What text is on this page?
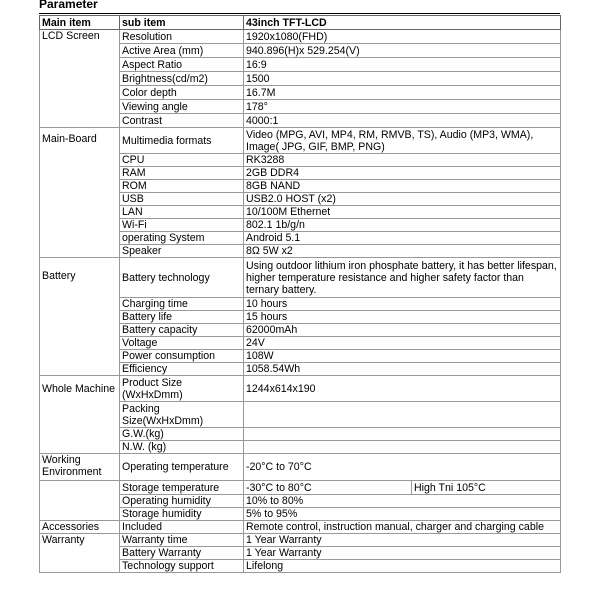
Parameter
Main item	sub item	43inch TFT-LCD	
LCD Screen	Resolution	1920x1080(FHD)	
	Active Area (mm)	940.896(H)x 529.254(V)	
	Aspect Ratio	16:9	
	Brightness(cd/m2)	1500	
	Color depth	16.7M	
	Viewing angle	178°	
	Contrast	4000:1	
Main-Board	Multimedia formats	Video (MPG, AVI, MP4, RM, RMVB, TS), Audio (MP3, WMA), Image( JPG, GIF, BMP, PNG)	
	CPU	RK3288	
	RAM	2GB DDR4	
	ROM	8GB NAND	
	USB	USB2.0 HOST (x2)	
	LAN	10/100M Ethernet	
	Wi-Fi	802.1 1b/g/n	
	operating System	Android 5.1	
	Speaker	8Ω 5W x2	
Battery	Battery technology	Using outdoor lithium iron phosphate battery, it has better lifespan, higher temperature resistance and higher safety factor than ternary battery.	
	Charging time	10 hours	
	Battery life	15 hours	
	Battery capacity	62000mAh	
	Voltage	24V	
	Power consumption	108W	
	Efficiency	1058.54Wh	
Whole Machine	Product Size (WxHxDmm)	1244x614x190	
	Packing Size(WxHxDmm)		
	G.W.(kg)		
	N.W. (kg)		
Working Environment	Operating temperature	-20°C to 70°C	
	Storage temperature	-30°C to 80°C	High Tni 105°C
	Operating humidity	10% to 80%	
	Storage humidity	5% to 95%	
Accessories	Included	Remote control, instruction manual, charger and charging cable	
Warranty	Warranty time	1 Year Warranty	
	Battery Warranty	1 Year Warranty	
	Technology support	Lifelong	
